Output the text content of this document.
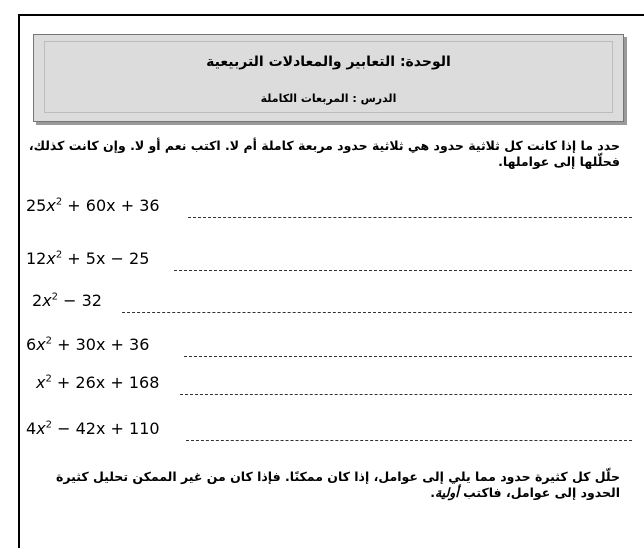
الوحدة: التعابير والمعادلات التربيعية
الدرس : المربعات الكاملة
حدد ما إذا كانت كل ثلاثية حدود هي ثلاثية حدود مربعة كاملة أم لا. اكتب نعم أو لا. وإن كانت كذلك، فحلّلها إلى عواملها.
$25x^2 + 60x + 36$
$12x^2 + 5x - 25$
$2x^2 - 32$
$6x^2 + 30x + 36$
$x^2 + 26x + 168$
$4x^2 - 42x + 110$
حلّل كل كثيرة حدود مما يلي إلى عوامل، إذا كان ممكنًا. فإذا كان من غير الممكن تحليل كثيرة الحدود إلى عوامل، فاكتب أولية.
